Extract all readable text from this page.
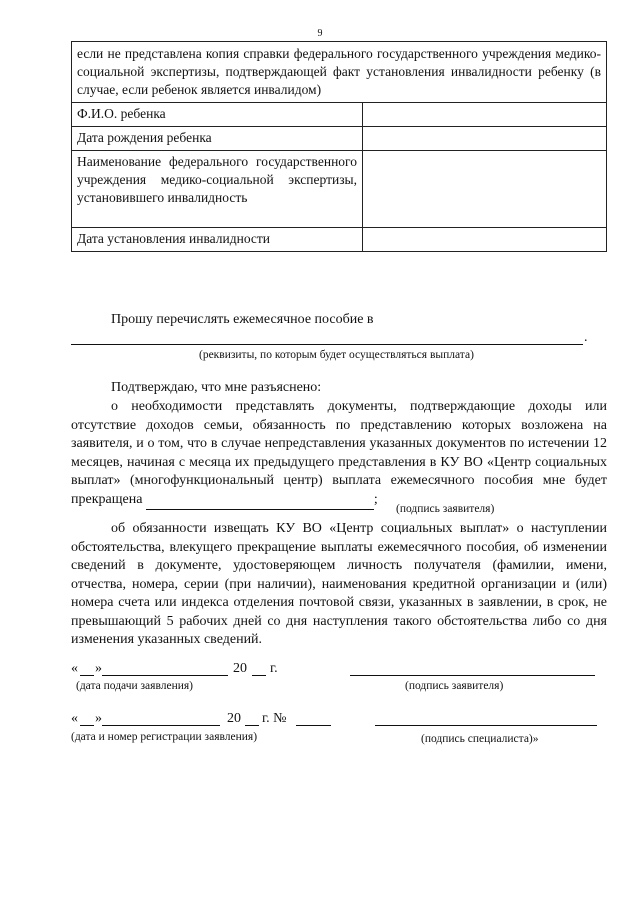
9
если не представлена копия справки федерального государственного учреждения медико-социальной экспертизы, подтверждающей факт установления инвалидности ребенку (в случае, если ребенок является инвалидом)	
Ф.И.О. ребенка	
Дата рождения ребенка	
Наименование федерального государственного учреждения медико-социальной экспертизы, установившего инвалидность	
Дата установления инвалидности	
Прошу перечислять ежемесячное пособие в
.
(реквизиты, по которым будет осуществляться выплата)
Подтверждаю, что мне разъяснено:
о необходимости представлять документы, подтверждающие доходы или отсутствие доходов семьи, обязанность по представлению которых возложена на заявителя, и о том, что в случае непредставления указанных документов по истечении 12 месяцев, начиная с месяца их предыдущего представления в КУ ВО «Центр социальных выплат» (многофункциональный центр) выплата ежемесячного пособия мне будет прекращена	;
(подпись заявителя)
об обязанности извещать КУ ВО «Центр социальных выплат» о наступлении обстоятельства, влекущего прекращение выплаты ежемесячного пособия, об изменении сведений в документе, удостоверяющем личность получателя (фамилии, имени, отчества, номера, серии (при наличии), наименования кредитной организации и (или) номера счета или индекса отделения почтовой связи, указанных в заявлении, в срок, не превышающий 5 рабочих дней со дня наступления такого обстоятельства либо со дня изменения указанных сведений.
« »	20 г.
(дата подачи заявления)	(подпись заявителя)
« »	20 г. №
(дата и номер регистрации заявления)	(подпись специалиста)»
